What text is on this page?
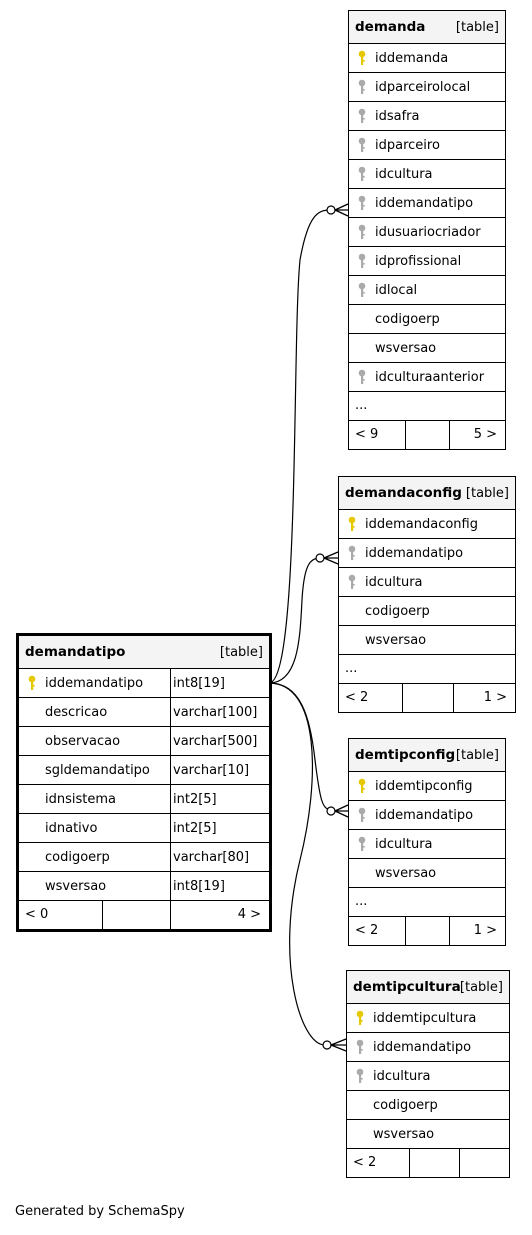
demanda [table]
iddemanda
idparceirolocal
idsafra
idparceiro
idcultura
iddemandatipo
idusuariocriador
idprofissional
idlocal
codigoerp
wsversao
idculturaanterior
...
< 9	5 >
demandaconfig [table]
iddemandaconfig
iddemandatipo
idcultura
codigoerp
wsversao
...
< 2	1 >
demtipconfig [table]
iddemtipconfig
iddemandatipo
idcultura
wsversao
...
< 2	1 >
demtipcultura [table]
iddemtipcultura
iddemandatipo
idcultura
codigoerp
wsversao
< 2
demandatipo	[table]
iddemandatipo int8[19]
descricao	varchar[100]
observacao	varchar[500]
sgldemandatipo varchar[10]
idnsistema	int2[5]
idnativo	int2[5]
codigoerp	varchar[80]
wsversao	int8[19]
< 0	4 >
Generated by SchemaSpy
